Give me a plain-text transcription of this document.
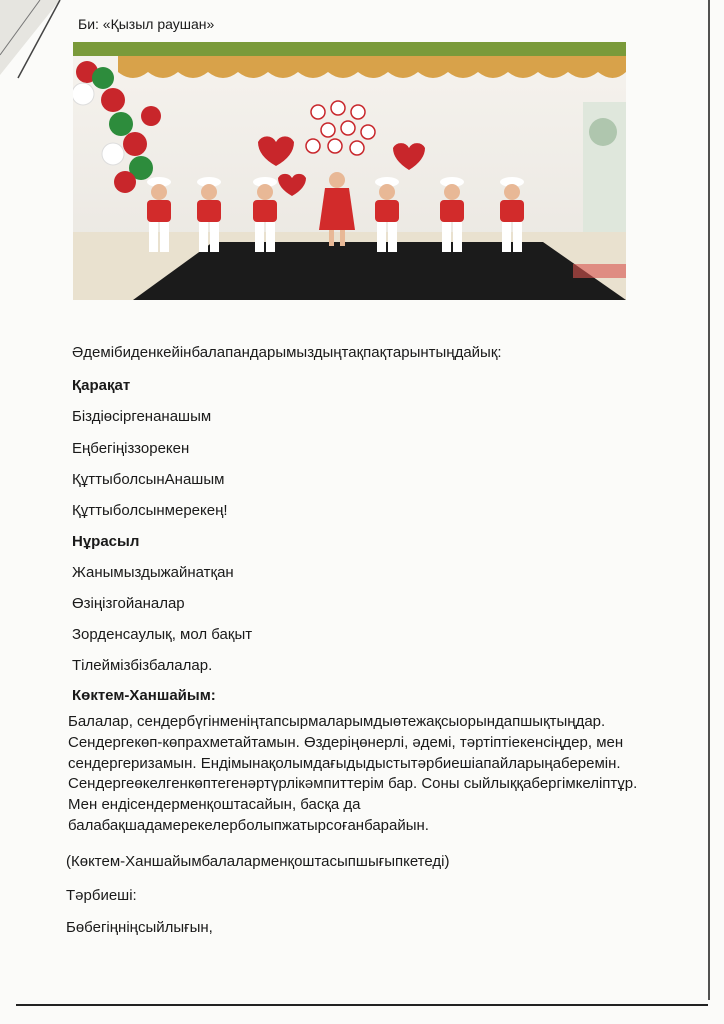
Би: «Қызыл раушан»
Әдемібиденкейінбалапандарымыздыңтақпақтарынтыңдайық:
Қарақат
Біздіөсіргенанашым
Еңбегіңіззорекен
ҚұттыболсынАнашым
Құттыболсынмерекең!
Нұрасыл
Жанымыздыжайнатқан
Өзіңізгойаналар
Зорденсаулық, мол бақыт
Тілеймізбізбалалар.
Көктем-Ханшайым:
Балалар, сендербүгінменіңтапсырмаларымдыөтежақсыорындапшықтыңдар.
Сендергекөп-көпрахметайтамын. Өздеріңөнерлі, әдемі, тәртіптіекенсіңдер, мен
сендергеризамын. Ендімынақолымдағыдыдыстытәрбиешіапайларыңаберемін.
Сендергеөкелгенкөптегенәртүрлікәмпиттерім бар. Соны сыйлыққабергімкеліптұр.
Мен ендісендерменқоштасайын, басқа да
балабақшадамерекелерболыпжатырсоғанбарайын.
(Көктем-Ханшайымбалаларменқоштасыпшығыпкетеді)
Тәрбиеші:
Бөбегіңніңсыйлығын,
